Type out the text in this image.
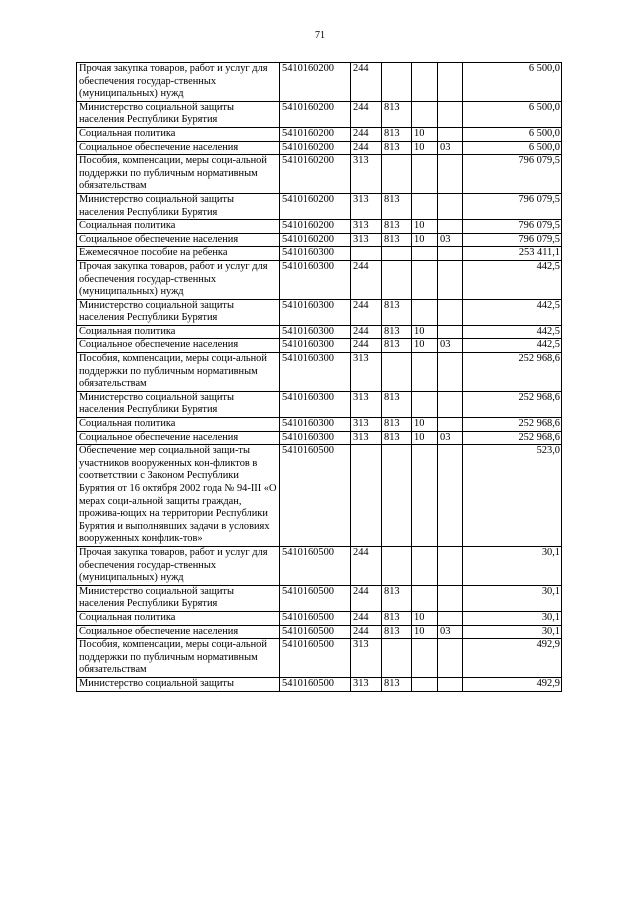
71
Прочая закупка товаров, работ и услуг для обеспечения государ-ственных (муниципальных) нужд	5410160200	244				6 500,0
Министерство социальной защиты населения Республики Бурятия	5410160200	244	813			6 500,0
Социальная политика	5410160200	244	813	10		6 500,0
Социальное обеспечение населения	5410160200	244	813	10	03	6 500,0
Пособия, компенсации, меры соци-альной поддержки по публичным нормативным обязательствам	5410160200	313				796 079,5
Министерство социальной защиты населения Республики Бурятия	5410160200	313	813			796 079,5
Социальная политика	5410160200	313	813	10		796 079,5
Социальное обеспечение населения	5410160200	313	813	10	03	796 079,5
Ежемесячное пособие на ребенка	5410160300					253 411,1
Прочая закупка товаров, работ и услуг для обеспечения государ-ственных (муниципальных) нужд	5410160300	244				442,5
Министерство социальной защиты населения Республики Бурятия	5410160300	244	813			442,5
Социальная политика	5410160300	244	813	10		442,5
Социальное обеспечение населения	5410160300	244	813	10	03	442,5
Пособия, компенсации, меры соци-альной поддержки по публичным нормативным обязательствам	5410160300	313				252 968,6
Министерство социальной защиты населения Республики Бурятия	5410160300	313	813			252 968,6
Социальная политика	5410160300	313	813	10		252 968,6
Социальное обеспечение населения	5410160300	313	813	10	03	252 968,6
Обеспечение мер социальной защи-ты участников вооруженных кон-фликтов в соответствии с Законом Республики Бурятия от 16 октября 2002 года № 94-III «О мерах соци-альной защиты граждан, прожива-ющих на территории Республики Бурятия и выполнявших задачи в условиях вооруженных конфлик-тов»	5410160500					523,0
Прочая закупка товаров, работ и услуг для обеспечения государ-ственных (муниципальных) нужд	5410160500	244				30,1
Министерство социальной защиты населения Республики Бурятия	5410160500	244	813			30,1
Социальная политика	5410160500	244	813	10		30,1
Социальное обеспечение населения	5410160500	244	813	10	03	30,1
Пособия, компенсации, меры соци-альной поддержки по публичным нормативным обязательствам	5410160500	313				492,9
Министерство социальной защиты	5410160500	313	813			492,9
